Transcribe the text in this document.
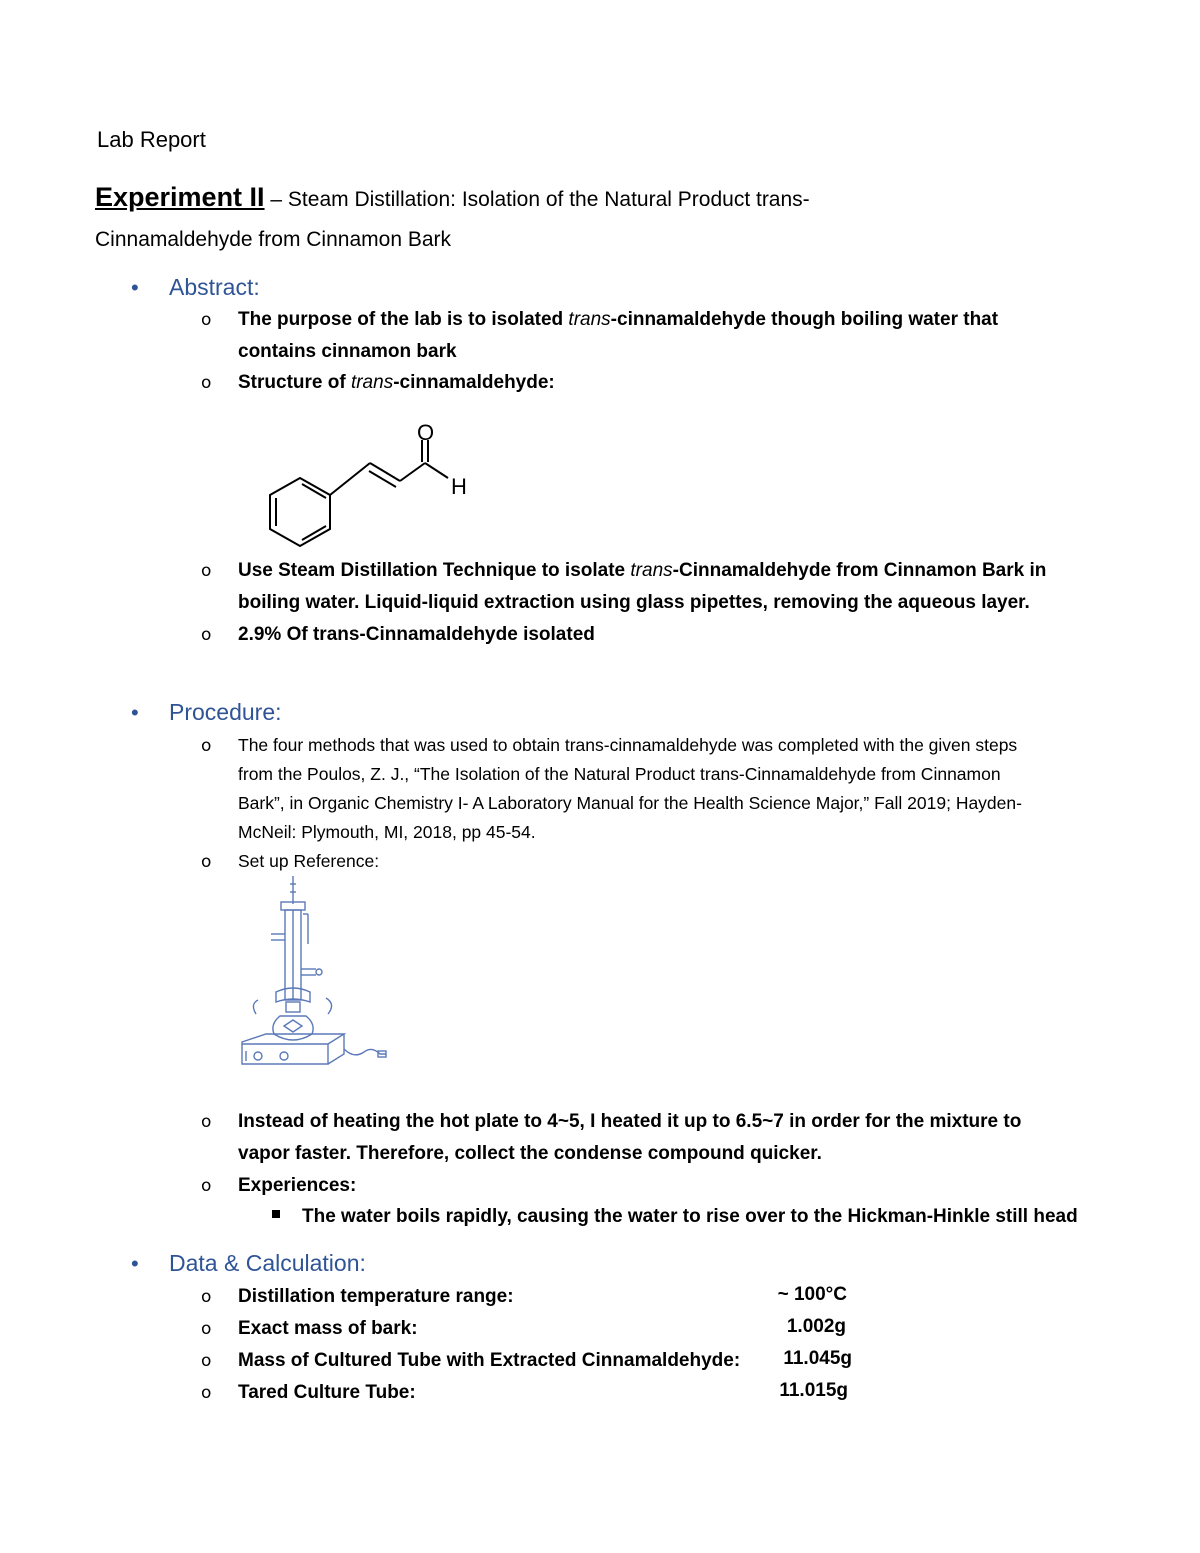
Lab Report
Experiment II – Steam Distillation: Isolation of the Natural Product trans-
Cinnamaldehyde from Cinnamon Bark
• Abstract:
o The purpose of the lab is to isolated trans-cinnamaldehyde though boiling water that
contains cinnamon bark
o Structure of trans-cinnamaldehyde:
O
H
o Use Steam Distillation Technique to isolate trans-Cinnamaldehyde from Cinnamon Bark in
boiling water. Liquid-liquid extraction using glass pipettes, removing the aqueous layer.
o 2.9% Of trans-Cinnamaldehyde isolated
• Procedure:
o The four methods that was used to obtain trans-cinnamaldehyde was completed with the given steps
from the Poulos, Z. J., “The Isolation of the Natural Product trans-Cinnamaldehyde from Cinnamon
Bark”, in Organic Chemistry I- A Laboratory Manual for the Health Science Major,” Fall 2019; Hayden-
McNeil: Plymouth, MI, 2018, pp 45-54.
o Set up Reference:
o Instead of heating the hot plate to 4~5, I heated it up to 6.5~7 in order for the mixture to
vapor faster. Therefore, collect the condense compound quicker.
o Experiences:
The water boils rapidly, causing the water to rise over to the Hickman-Hinkle still head
• Data & Calculation:
o Distillation temperature range:	~ 100°C
o Exact mass of bark:	1.002g
o Mass of Cultured Tube with Extracted Cinnamaldehyde:	11.045g
o Tared Culture Tube:	11.015g
